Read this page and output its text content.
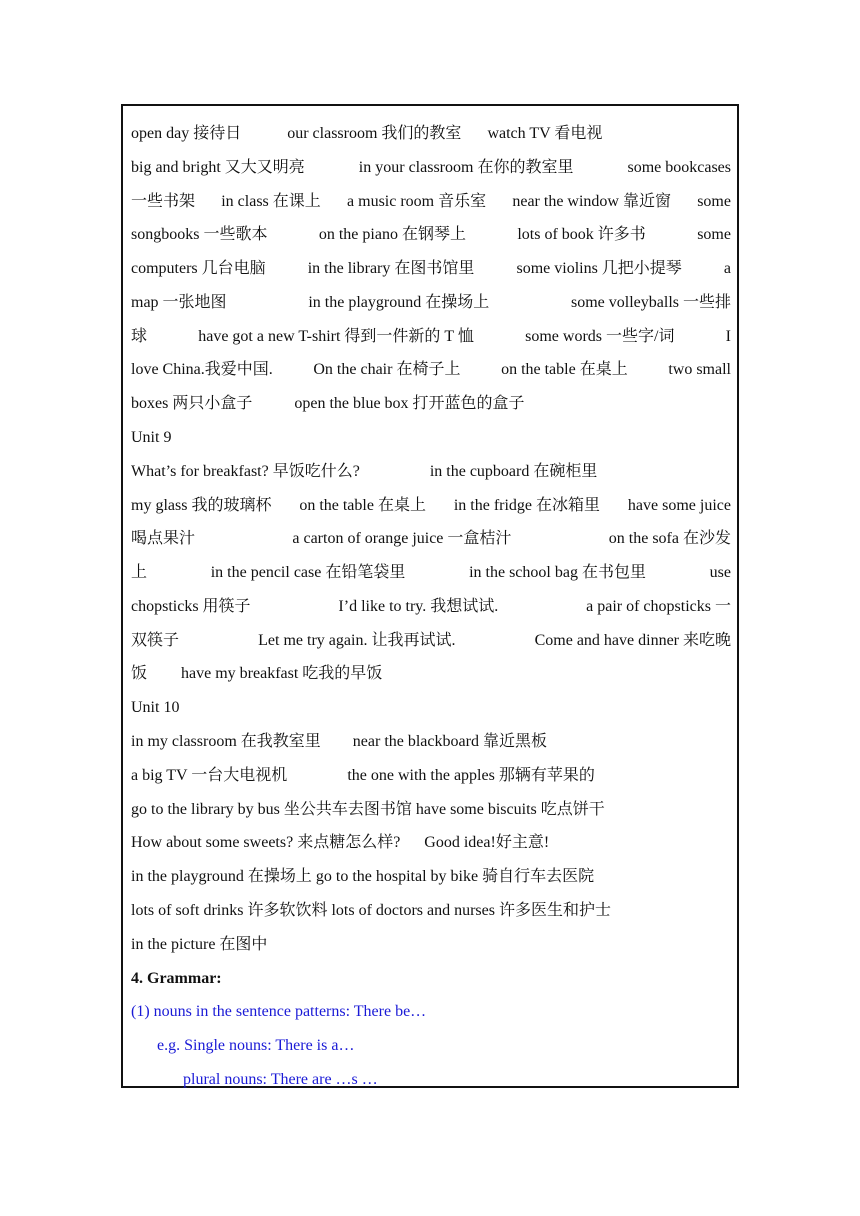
open day 接待日	our classroom 我们的教室 watch TV 看电视
big and bright 又大又明亮	in your classroom 在你的教室里	some bookcases
一些书架 in class 在课上 a music room 音乐室 near the window 靠近窗 some
songbooks 一些歌本	on the piano 在钢琴上	lots of book 许多书	some
computers 几台电脑	in the library 在图书馆里	some violins 几把小提琴	a
map 一张地图	in the playground 在操场上	some volleyballs 一些排
球	have got a new T-shirt 得到一件新的 T 恤	some words 一些字/词	I
love China.我爱中国.	On the chair 在椅子上	on the table 在桌上	two small
boxes 两只小盒子	open the blue box 打开蓝色的盒子
Unit 9
What’s for breakfast? 早饭吃什么?	in the cupboard 在碗柜里
my glass 我的玻璃杯 on the table 在桌上 in the fridge 在冰箱里 have some juice
喝点果汁	a carton of orange juice 一盒桔汁	on the sofa 在沙发
上	in the pencil case 在铅笔袋里	in the school bag 在书包里	use
chopsticks 用筷子	I’d like to try. 我想试试.	a pair of chopsticks 一
双筷子	Let me try again. 让我再试试.	Come and have dinner 来吃晚
饭 have my breakfast 吃我的早饭
Unit 10
in my classroom 在我教室里 near the blackboard 靠近黑板
a big TV 一台大电视机	the one with the apples 那辆有苹果的
go to the library by bus 坐公共车去图书馆 have some biscuits 吃点饼干
How about some sweets? 来点糖怎么样? Good idea!好主意!
in the playground 在操场上 go to the hospital by bike 骑自行车去医院
lots of soft drinks 许多软饮料 lots of doctors and nurses 许多医生和护士
in the picture 在图中
4. Grammar:
(1) nouns in the sentence patterns: There be…
e.g. Single nouns: There is a…
plural nouns: There are …s …
